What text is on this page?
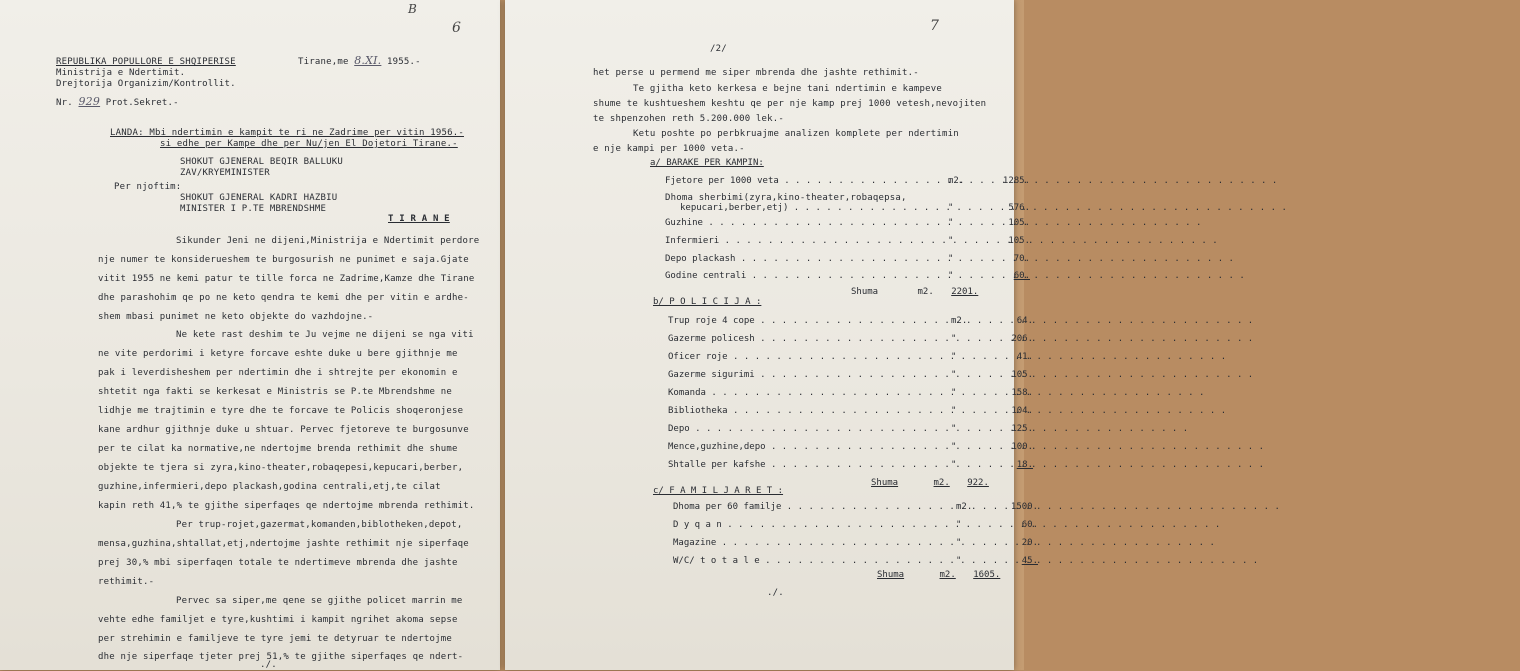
B
6
REPUBLIKA POPULLORE E SHQIPERISE
Ministrija e Ndertimit.
Drejtorija Organizim/Kontrollit.
Nr. 929 Prot.Sekret.-
Tirane,me 8.XI. 1955.-
LANDA: Mbi ndertimin e kampit te ri ne Zadrime per vitin 1956.-
si edhe per Kampe dhe per Nu/jen El Dojetori Tirane.-
SHOKUT GJENERAL BEQIR BALLUKU
ZAV/KRYEMINISTER
Per njoftim:
SHOKUT GJENERAL KADRI HAZBIU
MINISTER I P.TE MBRENDSHME
T I R A N E
Sikunder Jeni ne dijeni,Ministrija e Ndertimit perdore
nje numer te konsiderueshem te burgosurish ne punimet e saja.Gjate
vitit 1955 ne kemi patur te tille forca ne Zadrime,Kamze dhe Tirane
dhe parashohim qe po ne keto qendra te kemi dhe per vitin e ardhe-
shem mbasi punimet ne keto objekte do vazhdojne.-
Ne kete rast deshim te Ju vejme ne dijeni se nga viti
ne vite perdorimi i ketyre forcave eshte duke u bere gjithnje me
pak i leverdisheshem per ndertimin dhe i shtrejte per ekonomin e
shtetit nga fakti se kerkesat e Ministris se P.te Mbrendshme ne
lidhje me trajtimin e tyre dhe te forcave te Policis shoqeronjese
kane ardhur gjithnje duke u shtuar. Pervec fjetoreve te burgosunve
per te cilat ka normative,ne ndertojme brenda rethimit dhe shume
objekte te tjera si zyra,kino-theater,robaqepesi,kepucari,berber,
guzhine,infermieri,depo plackash,godina centrali,etj,te cilat
kapin reth 41,% te gjithe siperfaqes qe ndertojme mbrenda rethimit.
Per trup-rojet,gazermat,komanden,biblotheken,depot,
mensa,guzhina,shtallat,etj,ndertojme jashte rethimit nje siperfaqe
prej 30,% mbi siperfaqen totale te ndertimeve mbrenda dhe jashte
rethimit.-
Pervec sa siper,me qene se gjithe policet marrin me
vehte edhe familjet e tyre,kushtimi i kampit ngrihet akoma sepse
per strehimin e familjeve te tyre jemi te detyruar te ndertojme
dhe nje siperfaqe tjeter prej 51,% te gjithe siperfaqes qe ndert-
./.
7
/2/
het perse u permend me siper mbrenda dhe jashte rethimit.-
Te gjitha keto kerkesa e bejne tani ndertimin e kampeve
shume te kushtueshem keshtu qe per nje kamp prej 1000 vetesh,nevojiten
te shpenzohen reth 5.200.000 lek.-
Ketu poshte po perbkruajme analizen komplete per ndertimin
e nje kampi per 1000 veta.-
a/ BARAKE PER KAMPIN:
Fjetore per 1000 veta . . .	m2.	1285.
Dhoma sherbimi(zyra,kino-theater,robaqepsa,
kepucari,berber,etj) . . .	"	576.
Guzhine . . .	"	105.
Infermieri . . .	"	105.
Depo plackash . . .	"	70.
Godine centrali . . .	"	60.
Shuma	m2. 2201.
b/ P O L I C I J A :
Trup roje 4 cope . . .	m2.	64.
Gazerme policesh . . .	"	206.
Oficer roje . . .	"	41.
Gazerme sigurimi . . .	"	105.
Komanda . . .	"	158.
Bibliotheka . . .	"	104.
Depo . . .	"	125.
Mence,guzhine,depo . . .	"	100.
Shtalle per kafshe . . .	"	18.
Shuma	m2. 922.
c/ F A M I L J A R E T :
Dhoma per 60 familje . . .	m2.	1500.
D y q a n . . .	"	60.
Magazine . . .	"	20.
W/C/ t o t a l e . . .	"	45.
Shuma	m2. 1605.
./.
